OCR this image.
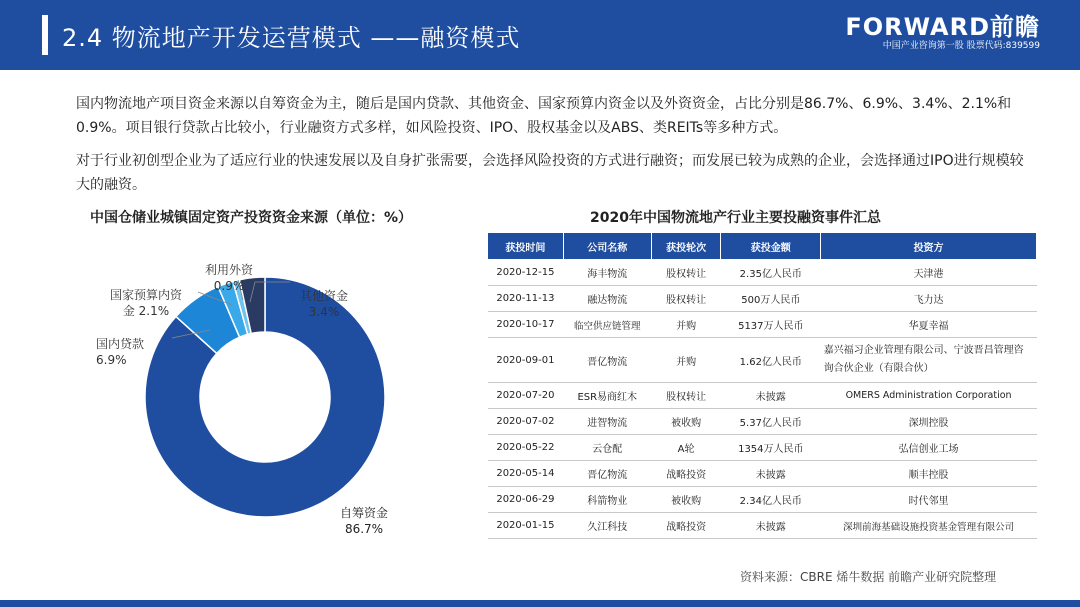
2.4 物流地产开发运营模式 ——融资模式	FORWARD前瞻
中国产业咨询第一股 股票代码:839599
国内物流地产项目资金来源以自筹资金为主，随后是国内贷款、其他资金、国家预算内资金以及外资资金，占比分别是86.7%、6.9%、3.4%、2.1%和0.9%。项目银行贷款占比较小，行业融资方式多样，如风险投资、IPO、股权基金以及ABS、类REITs等多种方式。
对于行业初创型企业为了适应行业的快速发展以及自身扩张需要，会选择风险投资的方式进行融资；而发展已较为成熟的企业，会选择通过IPO进行规模较大的融资。
中国仓储业城镇固定资产投资资金来源（单位：%）
其他资金
3.4%
利用外资
0.9%
国家预算内资
金 2.1%
国内贷款
6.9%
自筹资金
86.7%
2020年中国物流地产行业主要投融资事件汇总
获投时间	公司名称	获投轮次	获投金额	投资方
2020-12-15	海丰物流	股权转让	2.35亿人民币	天津港
2020-11-13	融达物流	股权转让	500万人民币	飞力达
2020-10-17	临空供应链管理	并购	5137万人民币	华夏幸福
2020-09-01	晋亿物流	并购	1.62亿人民币	嘉兴福习企业管理有限公司、宁波晋昌管理咨询合伙企业（有限合伙）
2020-07-20	ESR易商红木	股权转让	未披露	OMERS Administration Corporation
2020-07-02	进智物流	被收购	5.37亿人民币	深圳控股
2020-05-22	云仓配	A轮	1354万人民币	弘信创业工场
2020-05-14	晋亿物流	战略投资	未披露	顺丰控股
2020-06-29	科箭物业	被收购	2.34亿人民币	时代邻里
2020-01-15	久江科技	战略投资	未披露	深圳前海基础设施投资基金管理有限公司
资料来源：CBRE 烯牛数据 前瞻产业研究院整理
